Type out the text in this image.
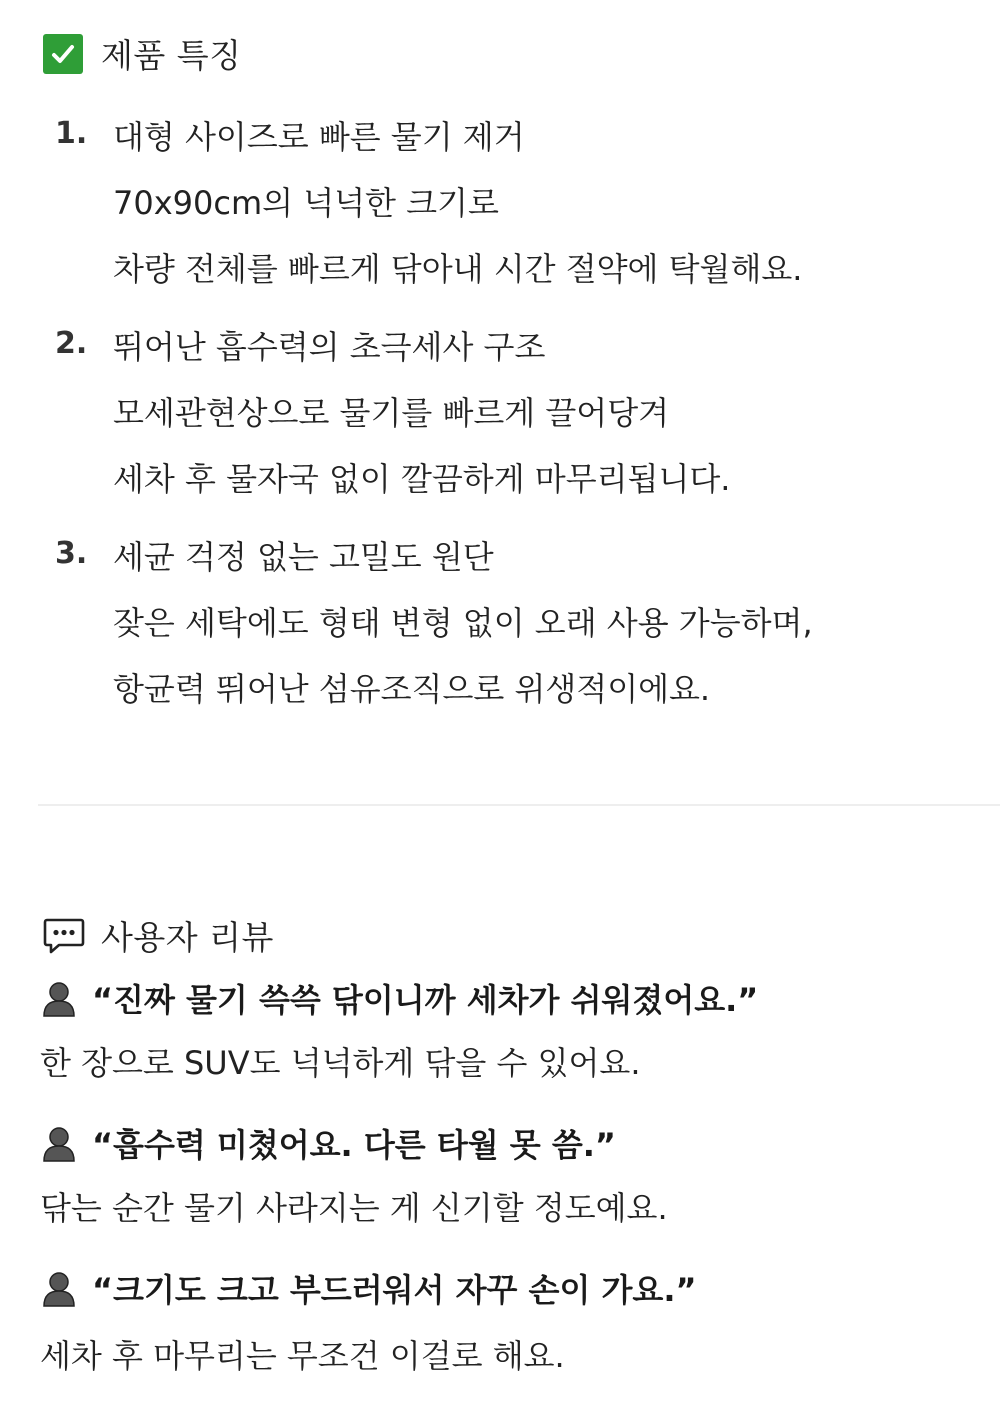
제품 특징
1. 대형 사이즈로 빠른 물기 제거
70x90cm의 넉넉한 크기로
차량 전체를 빠르게 닦아내 시간 절약에 탁월해요.
2. 뛰어난 흡수력의 초극세사 구조
모세관현상으로 물기를 빠르게 끌어당겨
세차 후 물자국 없이 깔끔하게 마무리됩니다.
3. 세균 걱정 없는 고밀도 원단
잦은 세탁에도 형태 변형 없이 오래 사용 가능하며,
항균력 뛰어난 섬유조직으로 위생적이에요.
사용자 리뷰
“진짜 물기 쓱쓱 닦이니까 세차가 쉬워졌어요.”
한 장으로 SUV도 넉넉하게 닦을 수 있어요.
“흡수력 미쳤어요. 다른 타월 못 씀.”
닦는 순간 물기 사라지는 게 신기할 정도예요.
“크기도 크고 부드러워서 자꾸 손이 가요.”
세차 후 마무리는 무조건 이걸로 해요.
